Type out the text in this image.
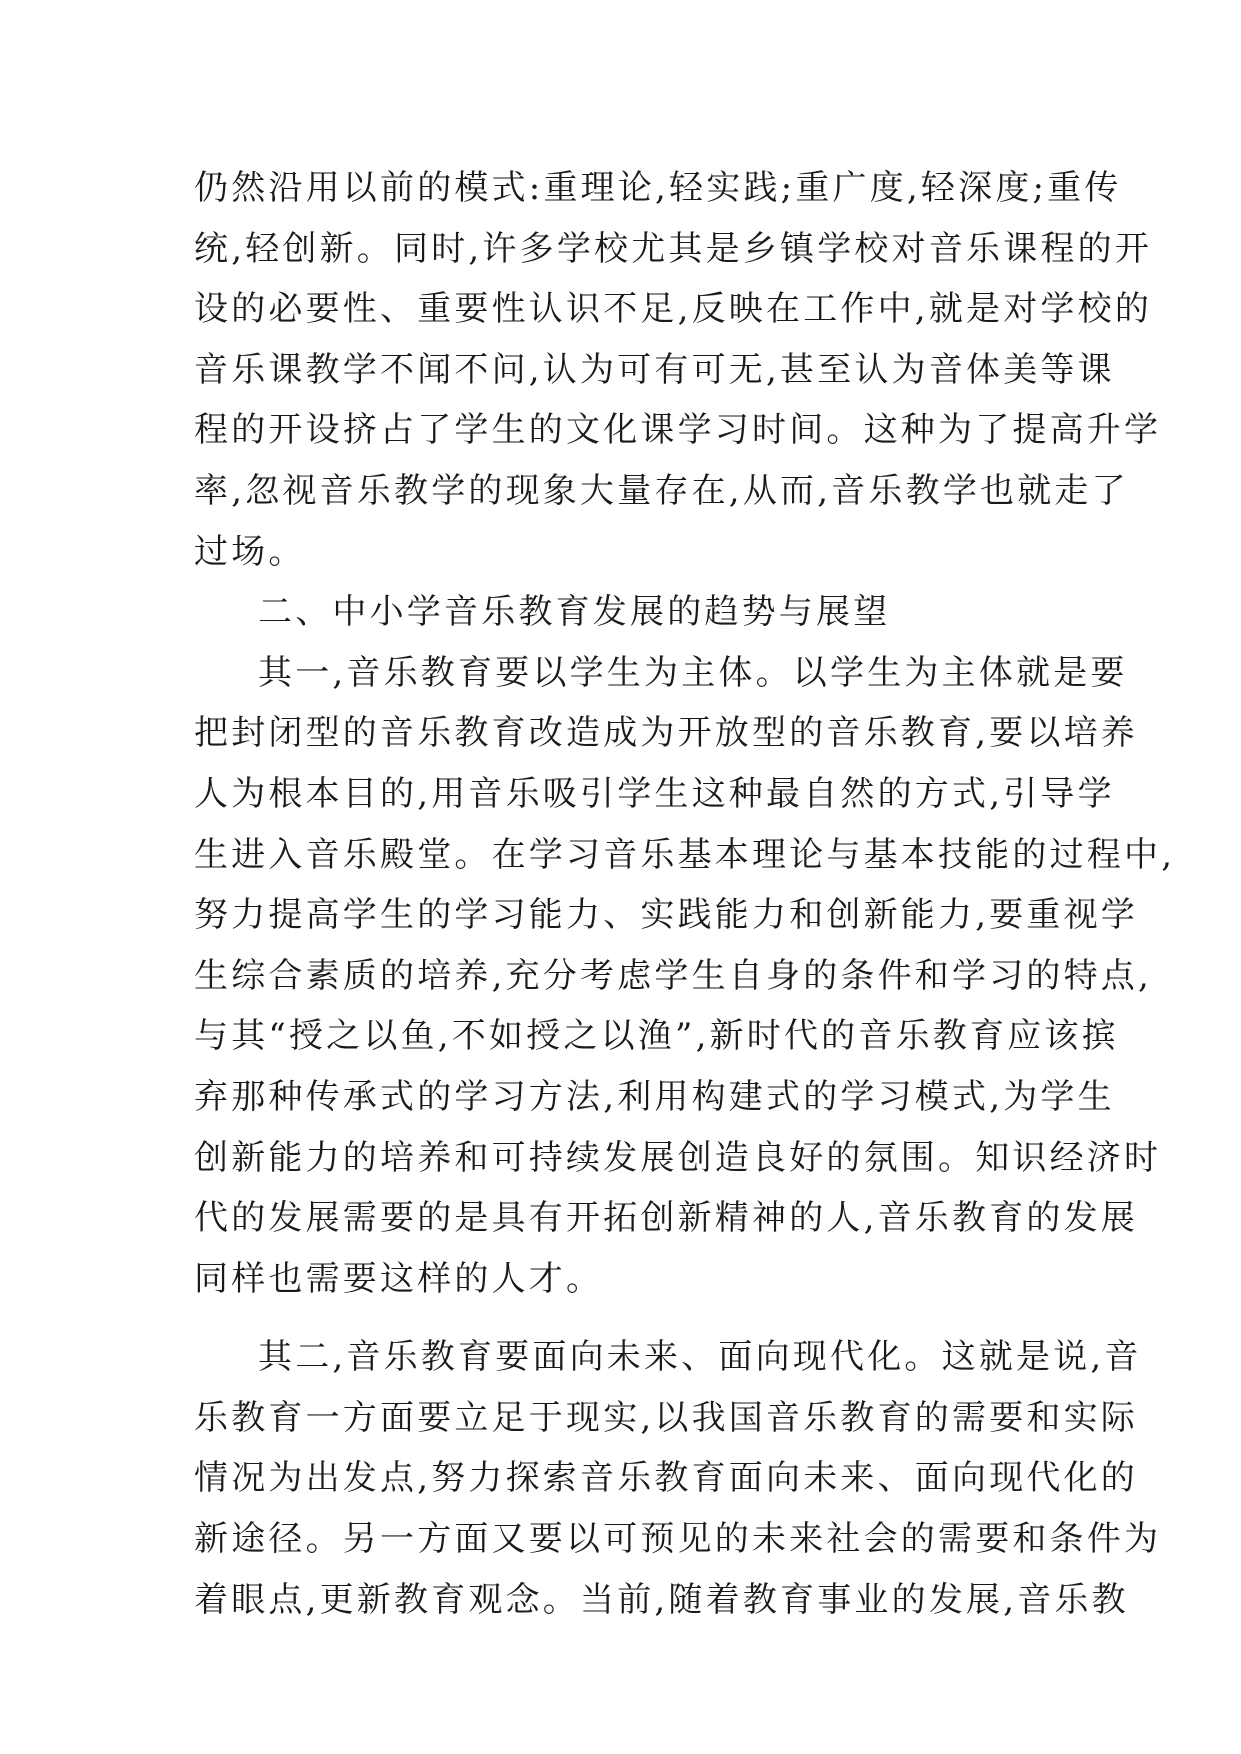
仍然沿用以前的模式:重理论,轻实践;重广度,轻深度;重传
统,轻创新。同时,许多学校尤其是乡镇学校对音乐课程的开
设的必要性、重要性认识不足,反映在工作中,就是对学校的
音乐课教学不闻不问,认为可有可无,甚至认为音体美等课
程的开设挤占了学生的文化课学习时间。这种为了提高升学
率,忽视音乐教学的现象大量存在,从而,音乐教学也就走了
过场。
二、中小学音乐教育发展的趋势与展望
其一,音乐教育要以学生为主体。以学生为主体就是要
把封闭型的音乐教育改造成为开放型的音乐教育,要以培养
人为根本目的,用音乐吸引学生这种最自然的方式,引导学
生进入音乐殿堂。在学习音乐基本理论与基本技能的过程中,
努力提高学生的学习能力、实践能力和创新能力,要重视学
生综合素质的培养,充分考虑学生自身的条件和学习的特点,
与其“授之以鱼,不如授之以渔”,新时代的音乐教育应该摈
弃那种传承式的学习方法,利用构建式的学习模式,为学生
创新能力的培养和可持续发展创造良好的氛围。知识经济时
代的发展需要的是具有开拓创新精神的人,音乐教育的发展
同样也需要这样的人才。
其二,音乐教育要面向未来、面向现代化。这就是说,音
乐教育一方面要立足于现实,以我国音乐教育的需要和实际
情况为出发点,努力探索音乐教育面向未来、面向现代化的
新途径。另一方面又要以可预见的未来社会的需要和条件为
着眼点,更新教育观念。当前,随着教育事业的发展,音乐教
